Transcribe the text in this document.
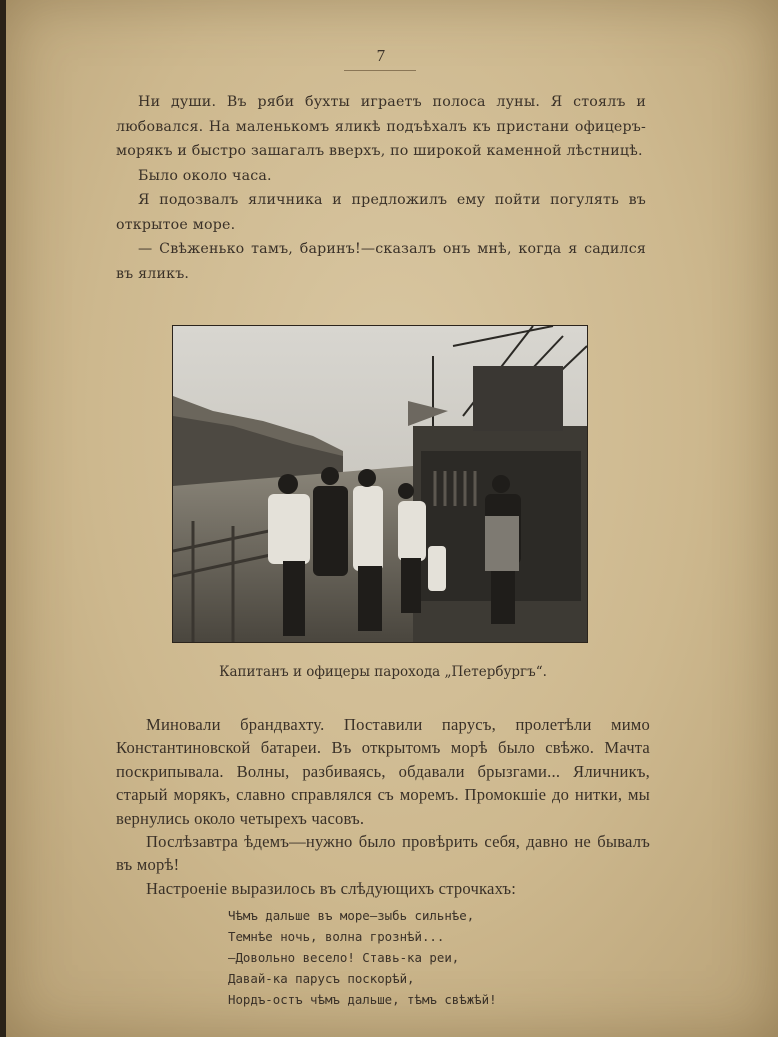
7

Ни души. Въ ряби бухты играетъ полоса луны. Я стоялъ и любовался. На маленькомъ яликѣ подъѣхалъ къ пристани офицеръ-морякъ и быстро зашагалъ вверхъ, по широкой каменной лѣстницѣ.

Было около часа.

Я подозвалъ яличника и предложилъ ему пойти погулять въ открытое море.

— Свѣженько тамъ, баринъ!—сказалъ онъ мнѣ, когда я садился въ яликъ.

Капитанъ и офицеры парохода „Петербургъ“.

Миновали брандвахту. Поставили парусъ, пролетѣли мимо Константиновской батареи. Въ открытомъ морѣ было свѣжо. Мачта поскрипывала. Волны, разбиваясь, обдавали брызгами... Яличникъ, старый морякъ, славно справлялся съ моремъ. Промокшіе до нитки, мы вернулись около четырехъ часовъ.

Послѣзавтра ѣдемъ—нужно было провѣрить себя, давно не бывалъ въ морѣ!

Настроеніе выразилось въ слѣдующихъ строчкахъ:

Чѣмъ дальше въ море—зыбь сильнѣе,
Темнѣе ночь, волна грознѣй...
—Довольно весело! Ставь-ка реи,
Давай-ка парусъ поскорѣй,
Нордъ-остъ чѣмъ дальше, тѣмъ свѣжѣй!
